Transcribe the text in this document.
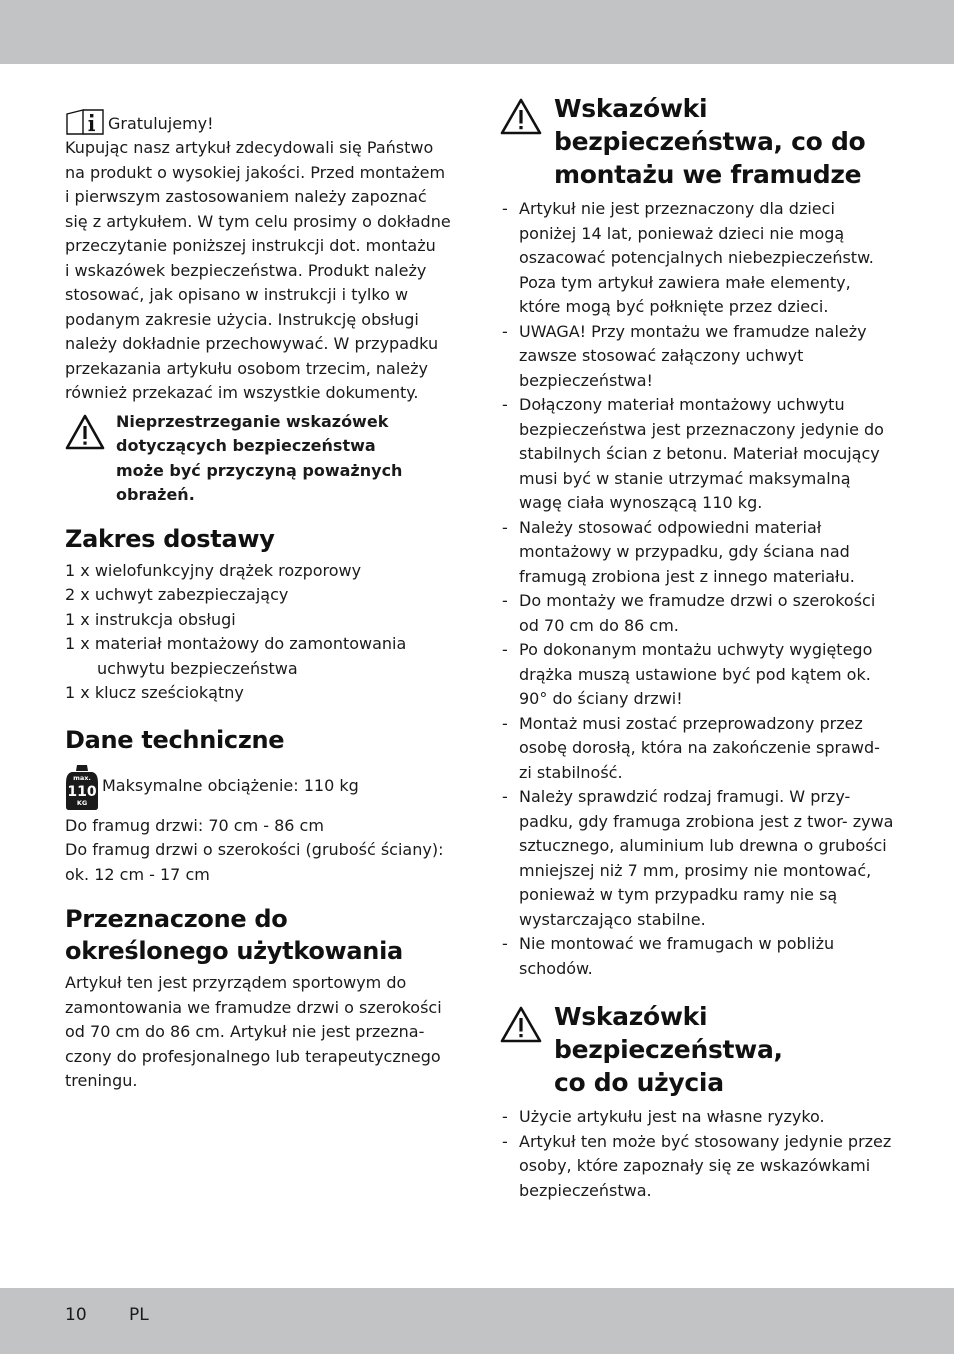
Gratulujemy!
Kupując nasz artykuł zdecydowali się Państwo
na produkt o wysokiej jakości. Przed montażem
i pierwszym zastosowaniem należy zapoznać
się z artykułem. W tym celu prosimy o dokładne
przeczytanie poniższej instrukcji dot. montażu
i wskazówek bezpieczeństwa. Produkt należy
stosować, jak opisano w instrukcji i tylko w
podanym zakresie użycia. Instrukcję obsługi
należy dokładnie przechowywać. W przypadku
przekazania artykułu osobom trzecim, należy
również przekazać im wszystkie dokumenty.
Nieprzestrzeganie wskazówek
dotyczących bezpieczeństwa
może być przyczyną poważnych
obrażeń.
Zakres dostawy
1 x wielofunkcyjny drążek rozporowy
2 x uchwyt zabezpieczający
1 x instrukcja obsługi
1 x materiał montażowy do zamontowania uchwytu bezpieczeństwa
1 x klucz sześciokątny
Dane techniczne
max.
110
KG
Maksymalne obciążenie: 110 kg
Do framug drzwi: 70 cm - 86 cm
Do framug drzwi o szerokości (grubość ściany):
ok. 12 cm - 17 cm
Przeznaczone do
określonego użytkowania
Artykuł ten jest przyrządem sportowym do
zamontowania we framudze drzwi o szerokości
od 70 cm do 86 cm. Artykuł nie jest przezna-
czony do profesjonalnego lub terapeutycznego
treningu.
Wskazówki
bezpieczeństwa, co do
montażu we framudze
- Artykuł nie jest przeznaczony dla dzieci poniżej 14 lat, ponieważ dzieci nie mogą oszacować potencjalnych niebezpieczeństw. Poza tym artykuł zawiera małe elementy, które mogą być połknięte przez dzieci.
- UWAGA! Przy montażu we framudze należy zawsze stosować załączony uchwyt bezpieczeństwa!
- Dołączony materiał montażowy uchwytu bezpieczeństwa jest przeznaczony jedynie do stabilnych ścian z betonu. Materiał mocujący musi być w stanie utrzymać maksymalną wagę ciała wynoszącą 110 kg.
- Należy stosować odpowiedni materiał montażowy w przypadku, gdy ściana nad framugą zrobiona jest z innego materiału.
- Do montaży we framudze drzwi o szerokości od 70 cm do 86 cm.
- Po dokonanym montażu uchwyty wygiętego drążka muszą ustawione być pod kątem ok. 90° do ściany drzwi!
- Montaż musi zostać przeprowadzony przez osobę dorosłą, która na zakończenie sprawd- zi stabilność.
- Należy sprawdzić rodzaj framugi. W przy- padku, gdy framuga zrobiona jest z twor- zywa sztucznego, aluminium lub drewna o grubości mniejszej niż 7 mm, prosimy nie montować, ponieważ w tym przypadku ramy nie są wystarczająco stabilne.
- Nie montować we framugach w pobliżu schodów.
Wskazówki
bezpieczeństwa,
co do użycia
- Użycie artykułu jest na własne ryzyko.
- Artykuł ten może być stosowany jedynie przez osoby, które zapoznały się ze wskazówkami bezpieczeństwa.
10 PL
